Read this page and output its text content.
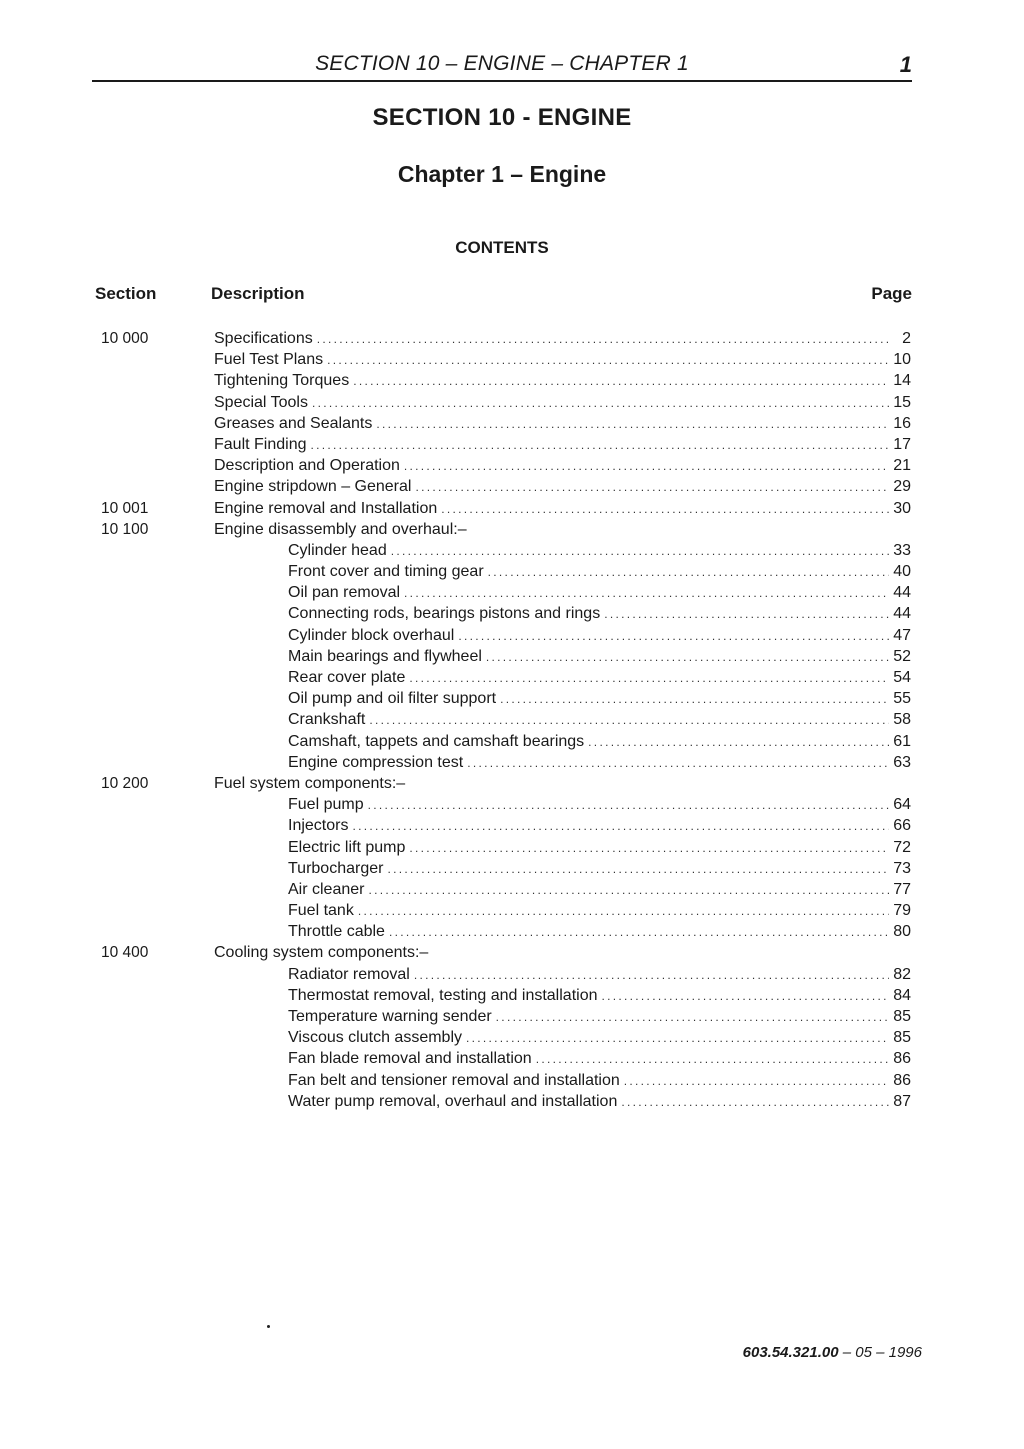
SECTION 10 – ENGINE – CHAPTER 1	1
SECTION 10 - ENGINE
Chapter 1 – Engine
CONTENTS
Section	Description	Page
10 000	Specifications .....	2
Fuel Test Plans .....	10
Tightening Torques .....	14
Special Tools .....	15
Greases and Sealants .....	16
Fault Finding .....	17
Description and Operation .....	21
Engine stripdown – General .....	29
10 001	Engine removal and Installation .....	30
10 100	Engine disassembly and overhaul:–
Cylinder head .....	33
Front cover and timing gear .....	40
Oil pan removal .....	44
Connecting rods, bearings pistons and rings .....	44
Cylinder block overhaul .....	47
Main bearings and flywheel .....	52
Rear cover plate .....	54
Oil pump and oil filter support .....	55
Crankshaft .....	58
Camshaft, tappets and camshaft bearings .....	61
Engine compression test .....	63
10 200	Fuel system components:–
Fuel pump .....	64
Injectors .....	66
Electric lift pump .....	72
Turbocharger .....	73
Air cleaner .....	77
Fuel tank .....	79
Throttle cable .....	80
10 400	Cooling system components:–
Radiator removal .....	82
Thermostat removal, testing and installation .....	84
Temperature warning sender .....	85
Viscous clutch assembly .....	85
Fan blade removal and installation .....	86
Fan belt and tensioner removal and installation .....	86
Water pump removal, overhaul and installation .....	87
603.54.321.00 – 05 – 1996
